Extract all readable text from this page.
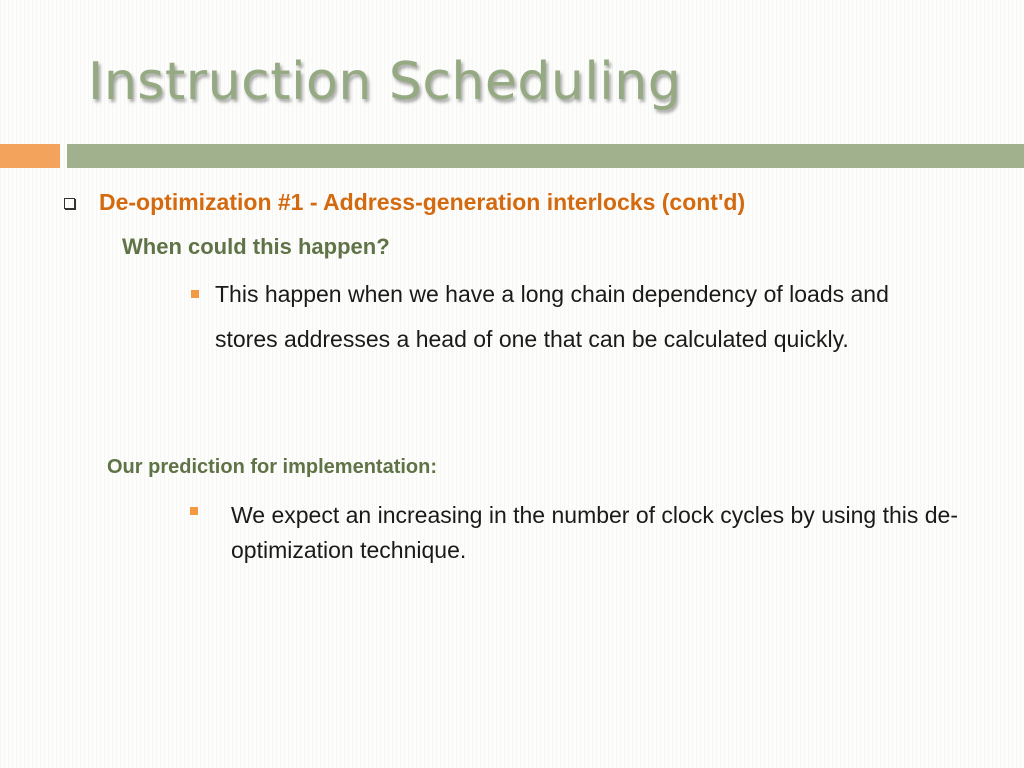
Instruction Scheduling
De-optimization #1 - Address-generation interlocks (cont'd)
When could this happen?
This happen when we have a long chain dependency of loads and stores addresses a head of one that can be calculated quickly.
Our prediction for implementation:
We expect an increasing in the number of clock cycles by using this de-optimization technique.
